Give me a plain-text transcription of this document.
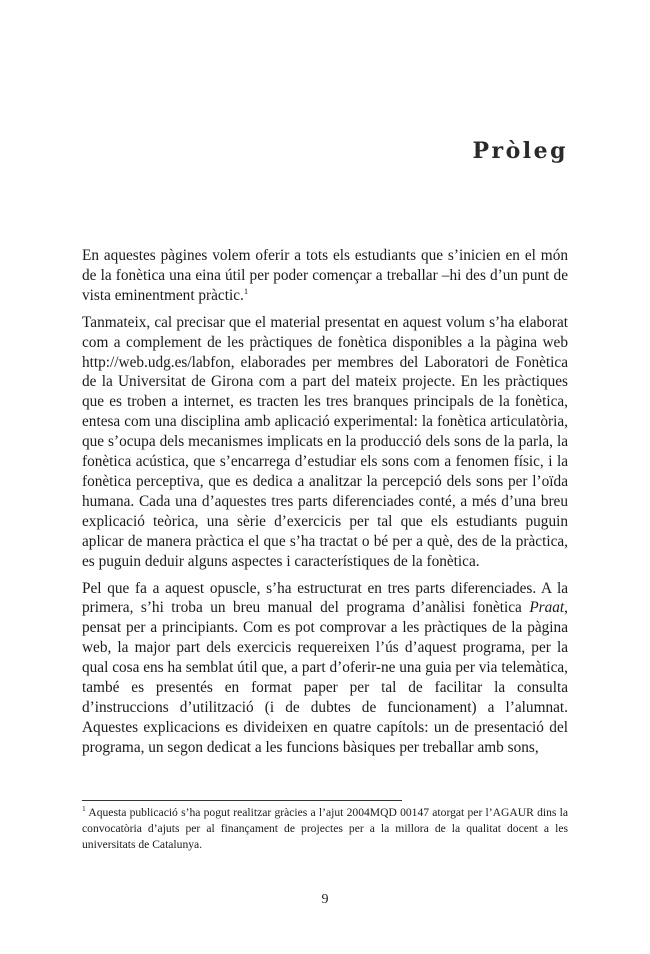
Pròleg

En aquestes pàgines volem oferir a tots els estudiants que s’inicien en el món de la fonètica una eina útil per poder començar a treballar –hi des d’un punt de vista eminentment pràctic.$^1$

Tanmateix, cal precisar que el material presentat en aquest volum s’ha elaborat com a complement de les pràctiques de fonètica disponibles a la pàgina web http://web.udg.es/labfon, elaborades per membres del Laboratori de Fonètica de la Universitat de Girona com a part del mateix projecte. En les pràctiques que es troben a internet, es tracten les tres branques principals de la fonètica, entesa com una disciplina amb aplicació experimental: la fonètica articulatòria, que s’ocupa dels mecanismes implicats en la producció dels sons de la parla, la fonètica acústica, que s’encarrega d’estudiar els sons com a fenomen físic, i la fonètica perceptiva, que es dedica a analitzar la percepció dels sons per l’oïda humana. Cada una d’aquestes tres parts diferenciades conté, a més d’una breu explicació teòrica, una sèrie d’exercicis per tal que els estudiants puguin aplicar de manera pràctica el que s’ha tractat o bé per a què, des de la pràctica, es puguin deduir alguns aspectes i característiques de la fonètica.

Pel que fa a aquest opuscle, s’ha estructurat en tres parts diferenciades. A la primera, s’hi troba un breu manual del programa d’anàlisi fonètica Praat, pensat per a principiants. Com es pot comprovar a les pràctiques de la pàgina web, la major part dels exercicis requereixen l’ús d’aquest programa, per la qual cosa ens ha semblat útil que, a part d’oferir-ne una guia per via telemàtica, també es presentés en format paper per tal de facilitar la consulta d’instruccions d’utilització (i de dubtes de funcionament) a l’alumnat. Aquestes explicacions es divideixen en quatre capítols: un de presentació del programa, un segon dedicat a les funcions bàsiques per treballar amb sons,

$^1$ Aquesta publicació s’ha pogut realitzar gràcies a l’ajut 2004MQD 00147 atorgat per l’AGAUR dins la convocatòria d’ajuts per al finançament de projectes per a la millora de la qualitat docent a les universitats de Catalunya.

9
